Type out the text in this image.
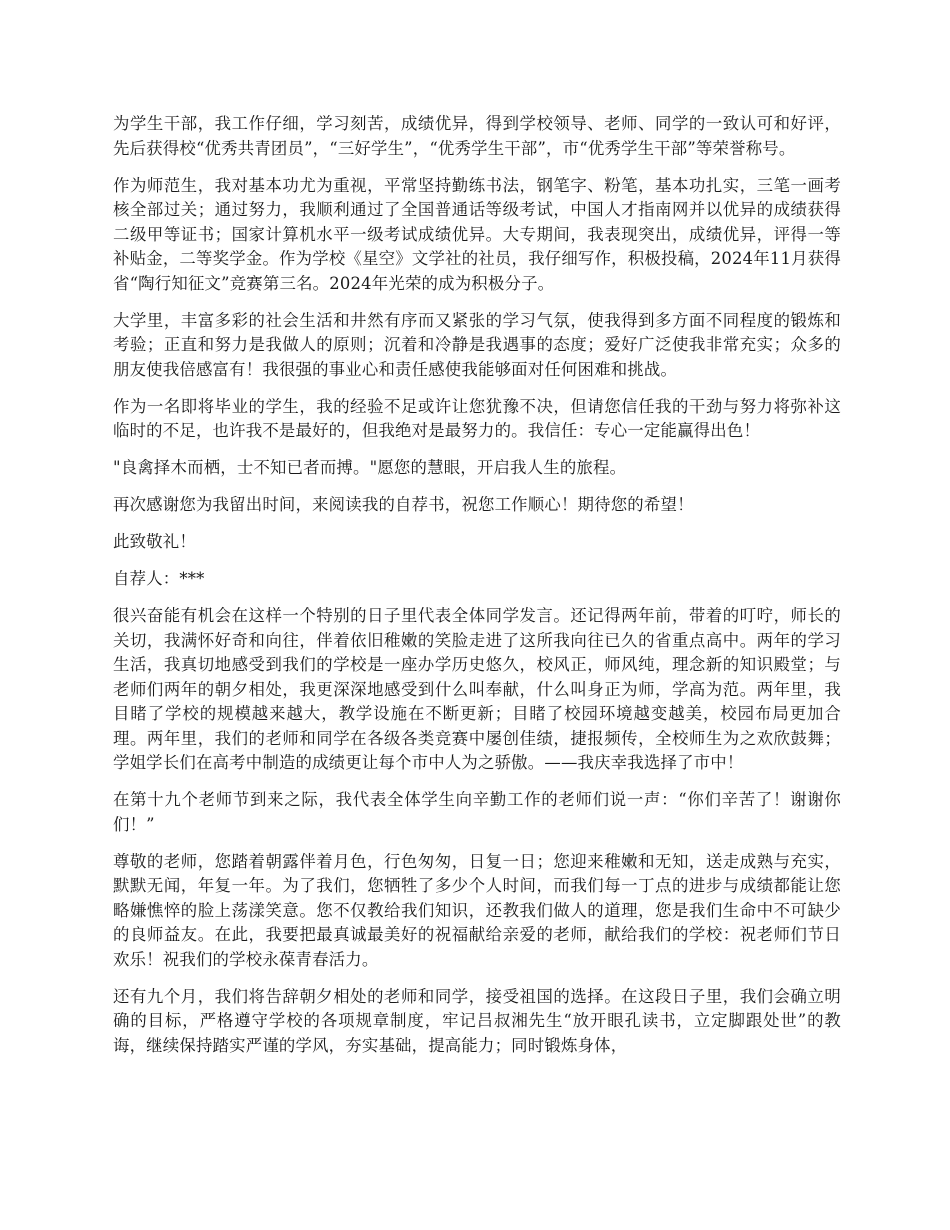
为学生干部，我工作仔细，学习刻苦，成绩优异，得到学校领导、老师、同学的一致认可和好评，先后获得校“优秀共青团员”，“三好学生”，“优秀学生干部”，市“优秀学生干部”等荣誉称号。

作为师范生，我对基本功尤为重视，平常坚持勤练书法，钢笔字、粉笔，基本功扎实，三笔一画考核全部过关；通过努力，我顺利通过了全国普通话等级考试，中国人才指南网并以优异的成绩获得二级甲等证书；国家计算机水平一级考试成绩优异。大专期间，我表现突出，成绩优异，评得一等补贴金，二等奖学金。作为学校《星空》文学社的社员，我仔细写作，积极投稿，2024年11月获得省“陶行知征文”竞赛第三名。2024年光荣的成为积极分子。

大学里，丰富多彩的社会生活和井然有序而又紧张的学习气氛，使我得到多方面不同程度的锻炼和考验；正直和努力是我做人的原则；沉着和冷静是我遇事的态度；爱好广泛使我非常充实；众多的朋友使我倍感富有！我很强的事业心和责任感使我能够面对任何困难和挑战。

作为一名即将毕业的学生，我的经验不足或许让您犹豫不决，但请您信任我的干劲与努力将弥补这临时的不足，也许我不是最好的，但我绝对是最努力的。我信任：专心一定能赢得出色！

"良禽择木而栖，士不知已者而搏。"愿您的慧眼，开启我人生的旅程。

再次感谢您为我留出时间，来阅读我的自荐书，祝您工作顺心！期待您的希望！

此致敬礼！

自荐人：***

很兴奋能有机会在这样一个特别的日子里代表全体同学发言。还记得两年前，带着的叮咛，师长的关切，我满怀好奇和向往，伴着依旧稚嫩的笑脸走进了这所我向往已久的省重点高中。两年的学习生活，我真切地感受到我们的学校是一座办学历史悠久，校风正，师风纯，理念新的知识殿堂；与老师们两年的朝夕相处，我更深深地感受到什么叫奉献，什么叫身正为师，学高为范。两年里，我目睹了学校的规模越来越大，教学设施在不断更新；目睹了校园环境越变越美，校园布局更加合理。两年里，我们的老师和同学在各级各类竞赛中屡创佳绩，捷报频传，全校师生为之欢欣鼓舞；学姐学长们在高考中制造的成绩更让每个市中人为之骄傲。——我庆幸我选择了市中！

在第十九个老师节到来之际，我代表全体学生向辛勤工作的老师们说一声：“你们辛苦了！谢谢你们！”

尊敬的老师，您踏着朝露伴着月色，行色匆匆，日复一日；您迎来稚嫩和无知，送走成熟与充实，默默无闻，年复一年。为了我们，您牺牲了多少个人时间，而我们每一丁点的进步与成绩都能让您略嫌憔悴的脸上荡漾笑意。您不仅教给我们知识，还教我们做人的道理，您是我们生命中不可缺少的良师益友。在此，我要把最真诚最美好的祝福献给亲爱的老师，献给我们的学校：祝老师们节日欢乐！祝我们的学校永葆青春活力。

还有九个月，我们将告辞朝夕相处的老师和同学，接受祖国的选择。在这段日子里，我们会确立明确的目标，严格遵守学校的各项规章制度，牢记吕叔湘先生“放开眼孔读书，立定脚跟处世”的教诲，继续保持踏实严谨的学风，夯实基础，提高能力；同时锻炼身体，
